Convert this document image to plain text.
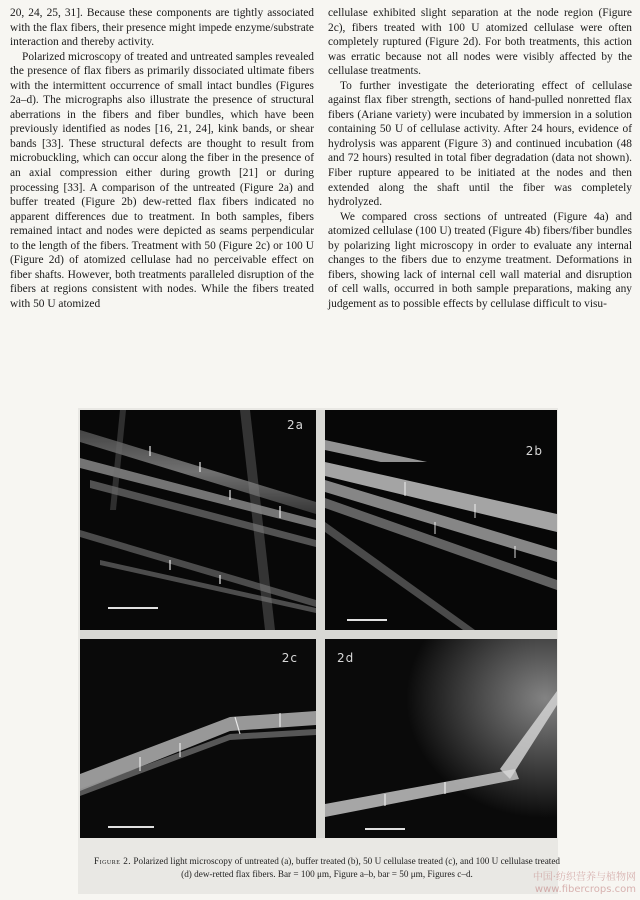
20, 24, 25, 31]. Because these components are tightly associated with the flax fibers, their presence might impede enzyme/substrate interaction and thereby activity.

Polarized microscopy of treated and untreated samples revealed the presence of flax fibers as primarily dissociated ultimate fibers with the intermittent occurrence of small intact bundles (Figures 2a–d). The micrographs also illustrate the presence of structural aberrations in the fibers and fiber bundles, which have been previously identified as nodes [16, 21, 24], kink bands, or shear bands [33]. These structural defects are thought to result from microbuckling, which can occur along the fiber in the presence of an axial compression either during growth [21] or during processing [33]. A comparison of the untreated (Figure 2a) and buffer treated (Figure 2b) dew-retted flax fibers indicated no apparent differences due to treatment. In both samples, fibers remained intact and nodes were depicted as seams perpendicular to the length of the fibers. Treatment with 50 (Figure 2c) or 100 U (Figure 2d) of atomized cellulase had no perceivable effect on fiber shafts. However, both treatments paralleled disruption of the fibers at regions consistent with nodes. While the fibers treated with 50 U atomized

cellulase exhibited slight separation at the node region (Figure 2c), fibers treated with 100 U atomized cellulase were often completely ruptured (Figure 2d). For both treatments, this action was erratic because not all nodes were visibly affected by the cellulase treatments.

To further investigate the deteriorating effect of cellulase against flax fiber strength, sections of hand-pulled nonretted flax fibers (Ariane variety) were incubated by immersion in a solution containing 50 U of cellulase activity. After 24 hours, evidence of hydrolysis was apparent (Figure 3) and continued incubation (48 and 72 hours) resulted in total fiber degradation (data not shown). Fiber rupture appeared to be initiated at the nodes and then extended along the shaft until the fiber was completely hydrolyzed.

We compared cross sections of untreated (Figure 4a) and atomized cellulase (100 U) treated (Figure 4b) fibers/fiber bundles by polarizing light microscopy in order to evaluate any internal changes to the fibers due to enzyme treatment. Deformations in fibers, showing lack of internal cell wall material and disruption of cell walls, occurred in both sample preparations, making any judgement as to possible effects by cellulase difficult to visu-

2a
2b
2c	2d
Figure 2. Polarized light microscopy of untreated (a), buffer treated (b), 50 U cellulase treated (c), and 100 U cellulase treated (d) dew-retted flax fibers. Bar = 100 μm, Figure a–b, bar = 50 μm, Figures c–d.	中国·纺织营养与植物网
www.fibercrops.com
